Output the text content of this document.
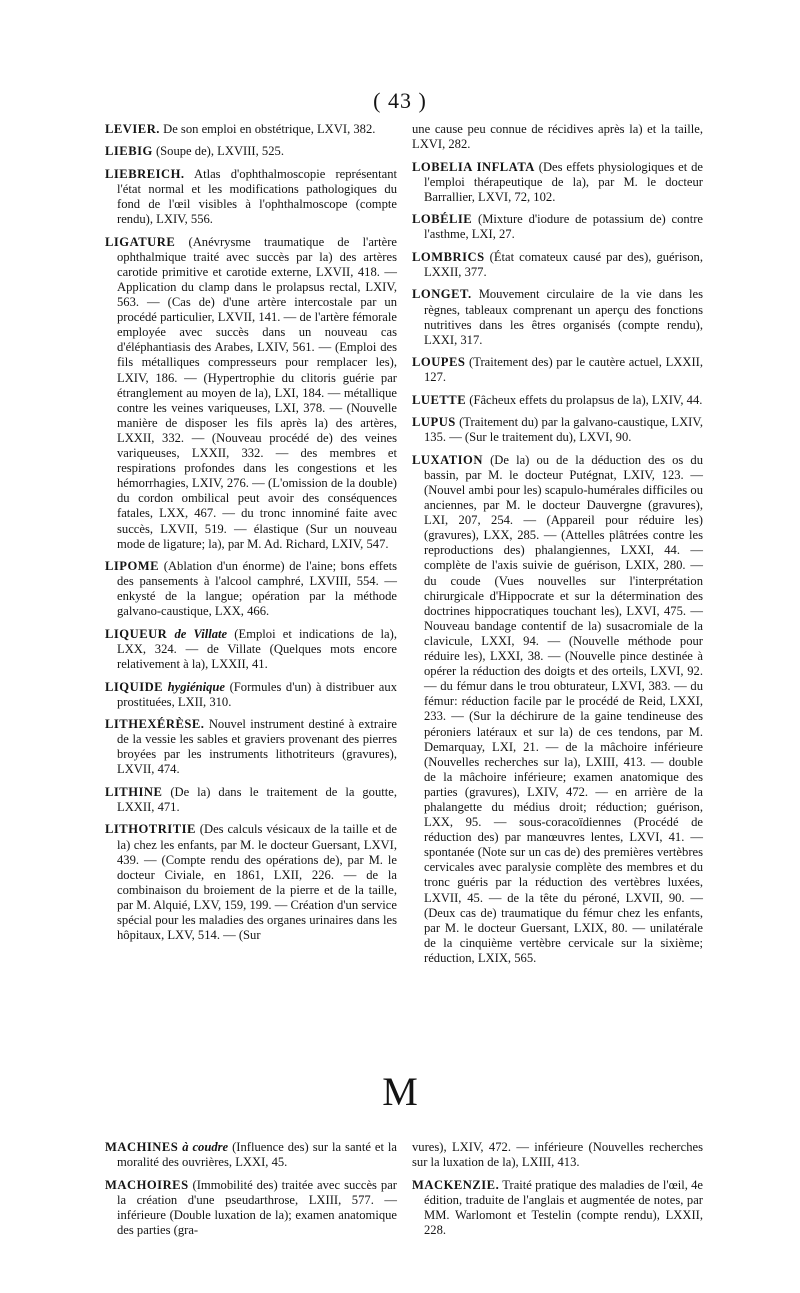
( 43 )

LEVIER. De son emploi en obstétrique, LXVI, 382.

LIEBIG (Soupe de), LXVIII, 525.

LIEBREICH. Atlas d'ophthalmoscopie représentant l'état normal et les modifications pathologiques du fond de l'œil visibles à l'ophthalmoscope (compte rendu), LXIV, 556.

LIGATURE (Anévrysme traumatique de l'artère ophthalmique traité avec succès par la) des artères carotide primitive et carotide externe, LXVII, 418. — Application du clamp dans le prolapsus rectal, LXIV, 563. — (Cas de) d'une artère intercostale par un procédé particulier, LXVII, 141. — de l'artère fémorale employée avec succès dans un nouveau cas d'éléphantiasis des Arabes, LXIV, 561. — (Emploi des fils métalliques compresseurs pour remplacer les), LXIV, 186. — (Hypertrophie du clitoris guérie par étranglement au moyen de la), LXI, 184. — métallique contre les veines variqueuses, LXI, 378. — (Nouvelle manière de disposer les fils après la) des artères, LXXII, 332. — (Nouveau procédé de) des veines variqueuses, LXXII, 332. — des membres et respirations profondes dans les congestions et les hémorrhagies, LXIV, 276. — (L'omission de la double) du cordon ombilical peut avoir des conséquences fatales, LXX, 467. — du tronc innominé faite avec succès, LXVII, 519. — élastique (Sur un nouveau mode de ligature; la), par M. Ad. Richard, LXIV, 547.

LIPOME (Ablation d'un énorme) de l'aine; bons effets des pansements à l'alcool camphré, LXVIII, 554. — enkysté de la langue; opération par la méthode galvano-caustique, LXX, 466.

LIQUEUR de Villate (Emploi et indications de la), LXX, 324. — de Villate (Quelques mots encore relativement à la), LXXII, 41.

LIQUIDE hygiénique (Formules d'un) à distribuer aux prostituées, LXII, 310.

LITHEXÉRÈSE. Nouvel instrument destiné à extraire de la vessie les sables et graviers provenant des pierres broyées par les instruments lithotriteurs (gravures), LXVII, 474.

LITHINE (De la) dans le traitement de la goutte, LXXII, 471.

LITHOTRITIE (Des calculs vésicaux de la taille et de la) chez les enfants, par M. le docteur Guersant, LXVI, 439. — (Compte rendu des opérations de), par M. le docteur Civiale, en 1861, LXII, 226. — de la combinaison du broiement de la pierre et de la taille, par M. Alquié, LXV, 159, 199. — Création d'un service spécial pour les maladies des organes urinaires dans les hôpitaux, LXV, 514. — (Sur

une cause peu connue de récidives après la) et la taille, LXVI, 282.

LOBELIA INFLATA (Des effets physiologiques et de l'emploi thérapeutique de la), par M. le docteur Barrallier, LXVI, 72, 102.

LOBÉLIE (Mixture d'iodure de potassium de) contre l'asthme, LXI, 27.

LOMBRICS (État comateux causé par des), guérison, LXXII, 377.

LONGET. Mouvement circulaire de la vie dans les règnes, tableaux comprenant un aperçu des fonctions nutritives dans les êtres organisés (compte rendu), LXXI, 317.

LOUPES (Traitement des) par le cautère actuel, LXXII, 127.

LUETTE (Fâcheux effets du prolapsus de la), LXIV, 44.

LUPUS (Traitement du) par la galvano-caustique, LXIV, 135. — (Sur le traitement du), LXVI, 90.

LUXATION (De la) ou de la déduction des os du bassin, par M. le docteur Putégnat, LXIV, 123. — (Nouvel ambi pour les) scapulo-humérales difficiles ou anciennes, par M. le docteur Dauvergne (gravures), LXI, 207, 254. — (Appareil pour réduire les) (gravures), LXX, 285. — (Attelles plâtrées contre les reproductions des) phalangiennes, LXXI, 44. — complète de l'axis suivie de guérison, LXIX, 280. — du coude (Vues nouvelles sur l'interprétation chirurgicale d'Hippocrate et sur la détermination des doctrines hippocratiques touchant les), LXVI, 475. — Nouveau bandage contentif de la) susacromiale de la clavicule, LXXI, 94. — (Nouvelle méthode pour réduire les), LXXI, 38. — (Nouvelle pince destinée à opérer la réduction des doigts et des orteils, LXVI, 92. — du fémur dans le trou obturateur, LXVI, 383. — du fémur: réduction facile par le procédé de Reid, LXXI, 233. — (Sur la déchirure de la gaine tendineuse des péroniers latéraux et sur la) de ces tendons, par M. Demarquay, LXI, 21. — de la mâchoire inférieure (Nouvelles recherches sur la), LXIII, 413. — double de la mâchoire inférieure; examen anatomique des parties (gravures), LXIV, 472. — en arrière de la phalangette du médius droit; réduction; guérison, LXX, 95. — sous-coracoïdiennes (Procédé de réduction des) par manœuvres lentes, LXVI, 41. — spontanée (Note sur un cas de) des premières vertèbres cervicales avec paralysie complète des membres et du tronc guéris par la réduction des vertèbres luxées, LXVII, 45. — de la tête du péroné, LXVII, 90. — (Deux cas de) traumatique du fémur chez les enfants, par M. le docteur Guersant, LXIX, 80. — unilatérale de la cinquième vertèbre cervicale sur la sixième; réduction, LXIX, 565.

M

MACHINES à coudre (Influence des) sur la santé et la moralité des ouvrières, LXXI, 45.

MACHOIRES (Immobilité des) traitée avec succès par la création d'une pseudarthrose, LXIII, 577. — inférieure (Double luxation de la); examen anatomique des parties (gra-

vures), LXIV, 472. — inférieure (Nouvelles recherches sur la luxation de la), LXIII, 413.

MACKENZIE. Traité pratique des maladies de l'œil, 4e édition, traduite de l'anglais et augmentée de notes, par MM. Warlomont et Testelin (compte rendu), LXXII, 228.
